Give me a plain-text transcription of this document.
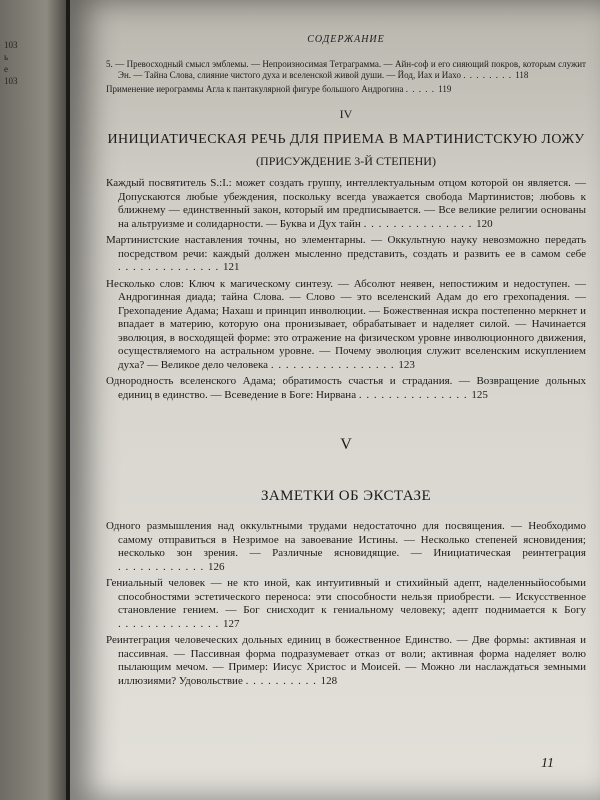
103
ь
е
103
СОДЕРЖАНИЕ
5. — Превосходный смысл эмблемы. — Непроизносимая Тетраграмма. — Айн-соф и его сияющий покров, которым служит Эн. — Тайна Слова, слияние чистого духа и вселенской живой души. — Йод, Иах и Иахо . . . . . . . . 118
Применение иерограммы Агла к пантакулярной фигуре большого Андрогина . . . . . 119
IV
ИНИЦИАТИЧЕСКАЯ РЕЧЬ ДЛЯ ПРИЕМА В МАРТИНИСТСКУЮ ЛОЖУ
(ПРИСУЖДЕНИЕ 3-Й СТЕПЕНИ)
Каждый посвятитель S.:I.: может создать группу, интеллектуальным отцом которой он является. — Допускаются любые убеждения, поскольку всегда уважается свобода Мартинистов; любовь к ближнему — единственный закон, который им предписывается. — Все великие религии основаны на альтруизме и солидарности. — Буква и Дух тайн . . . . . . . . . . . . . . . 120
Мартинистские наставления точны, но элементарны. — Оккультную науку невозможно передать посредством речи: каждый должен мысленно представить, создать и развить ее в самом себе . . . . . . . . . . . . . . 121
Несколько слов: Ключ к магическому синтезу. — Абсолют неявен, непостижим и недоступен. — Андрогинная диада; тайна Слова. — Слово — это вселенский Адам до его грехопадения. — Грехопадение Адама; Нахаш и принцип инволюции. — Божественная искра постепенно меркнет и впадает в материю, которую она пронизывает, обрабатывает и наделяет силой. — Начинается эволюция, в восходящей форме: это отражение на физическом уровне инволюционного движения, осуществляемого на астральном уровне. — Почему эволюция служит вселенским искуплением духа? — Великое дело человека . . . . . . . . . . . . . . . . . 123
Однородность вселенского Адама; обратимость счастья и страдания. — Возвращение дольных единиц в единство. — Всеведение в Боге: Нирвана . . . . . . . . . . . . . . . 125
V
ЗАМЕТКИ ОБ ЭКСТАЗЕ
Одного размышления над оккультными трудами недостаточно для посвящения. — Необходимо самому отправиться в Незримое на завоевание Истины. — Несколько степеней ясновидения; несколько зон зрения. — Различные ясновидящие. — Инициатическая реинтеграция . . . . . . . . . . . . 126
Гениальный человек — не кто иной, как интуитивный и стихийный адепт, наделенныйособыми способностями эстетического переноса: эти способности нельзя приобрести. — Искусственное становление гением. — Бог снисходит к гениальному человеку; адепт поднимается к Богу . . . . . . . . . . . . . . 127
Реинтеграция человеческих дольных единиц в божественное Единство. — Две формы: активная и пассивная. — Пассивная форма подразумевает отказ от воли; активная форма наделяет волю пылающим мечом. — Пример: Иисус Христос и Моисей. — Можно ли наслаждаться земными иллюзиями? Удовольствие . . . . . . . . . . 128
11
